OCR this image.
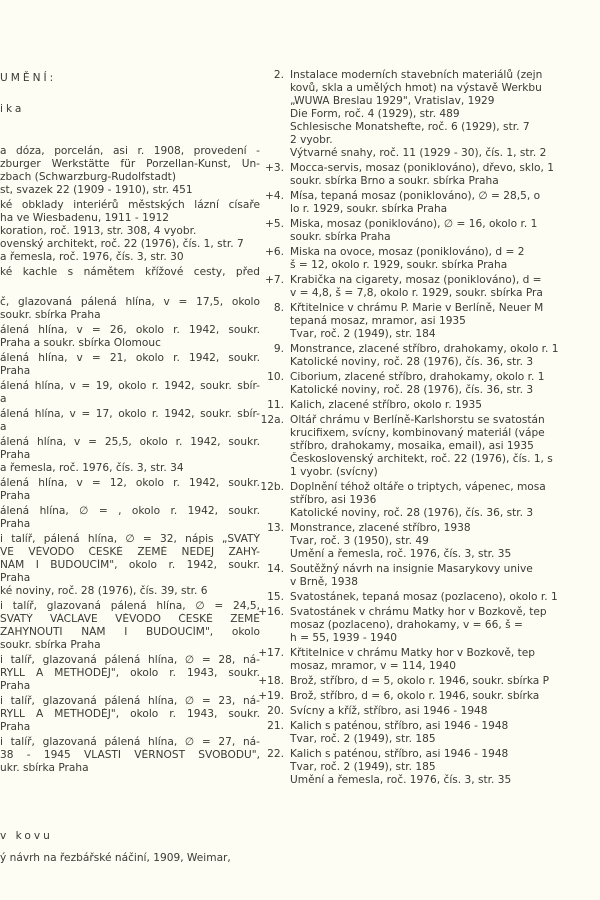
UMĚNÍ:
ika
v kovu
a dóza, porcelán, asi r. 1908, provedení -
zburger Werkstätte für Porzellan-Kunst, Un-
zbach (Schwarzburg-Rudolfstadt)
st, svazek 22 (1909 - 1910), str. 451
ké obklady interiérů městských lázní císaře
ha ve Wiesbadenu, 1911 - 1912
koration, roč. 1913, str. 308, 4 vyobr.
ovenský architekt, roč. 22 (1976), čís. 1, str. 7
a řemesla, roč. 1976, čís. 3, str. 30
ké kachle s námětem křížové cesty, před
č, glazovaná pálená hlína, v = 17,5, okolo
soukr. sbírka Praha
álená hlína, v = 26, okolo r. 1942, soukr.
Praha a soukr. sbírka Olomouc
álená hlína, v = 21, okolo r. 1942, soukr.
Praha
álená hlína, v = 19, okolo r. 1942, soukr. sbír-
a
álená hlína, v = 17, okolo r. 1942, soukr. sbír-
a
álená hlína, v = 25,5, okolo r. 1942, soukr.
Praha
a řemesla, roč. 1976, čís. 3, str. 34
álená hlína, v = 12, okolo r. 1942, soukr.
Praha
álená hlína, ∅ = , okolo r. 1942, soukr.
Praha
i talíř, pálená hlína, ∅ = 32, nápis „SVATÝ
VE VĚVODO ČESKÉ ZEMĚ NEDEJ ZAHY-
NÁM I BUDOUCÍM", okolo r. 1942, soukr.
Praha
ké noviny, roč. 28 (1976), čís. 39, str. 6
i talíř, glazovaná pálená hlína, ∅ = 24,5,
SVATÝ VÁCLAVE VĚVODO ČESKÉ ZEMĚ
ZAHYNOUTI NÁM I BUDOUCÍM", okolo
soukr. sbírka Praha
i talíř, glazovaná pálená hlína, ∅ = 28, ná-
RYLL A METHODĚJ", okolo r. 1943, soukr.
Praha
i talíř, glazovaná pálená hlína, ∅ = 23, ná-
RYLL A METHODĚJ", okolo r. 1943, soukr.
Praha
i talíř, glazovaná pálená hlína, ∅ = 27, ná-
38 - 1945 VLASTI VĚRNOST SVOBODU",
ukr. sbírka Praha
ý návrh na řezbářské náčiní, 1909, Weimar,
2. Instalace moderních stavebních materiálů (zejn
kovů, skla a umělých hmot) na výstavě Werkbu
„WUWA Breslau 1929", Vratislav, 1929
Die Form, roč. 4 (1929), str. 489
Schlesische Monatshefte, roč. 6 (1929), str. 7
2 vyobr.
Výtvarné snahy, roč. 11 (1929 - 30), čís. 1, str. 2
+3. Mocca-servis, mosaz (poniklováno), dřevo, sklo, 1
soukr. sbírka Brno a soukr. sbírka Praha
+4. Mísa, tepaná mosaz (poniklováno), ∅ = 28,5, o
lo r. 1929, soukr. sbírka Praha
+5. Miska, mosaz (poniklováno), ∅ = 16, okolo r. 1
soukr. sbírka Praha
+6. Miska na ovoce, mosaz (poniklováno), d = 2
š = 12, okolo r. 1929, soukr. sbírka Praha
+7. Krabička na cigarety, mosaz (poniklováno), d =
v = 4,8, š = 7,8, okolo r. 1929, soukr. sbírka Pra
8. Křtitelnice v chrámu P. Marie v Berlíně, Neuer M
tepaná mosaz, mramor, asi 1935
Tvar, roč. 2 (1949), str. 184
9. Monstrance, zlacené stříbro, drahokamy, okolo r. 1
Katolické noviny, roč. 28 (1976), čís. 36, str. 3
10. Ciborium, zlacené stříbro, drahokamy, okolo r. 1
Katolické noviny, roč. 28 (1976), čís. 36, str. 3
11. Kalich, zlacené stříbro, okolo r. 1935
12a. Oltář chrámu v Berlíně-Karlshorstu se svatostán
krucifixem, svícny, kombinovaný materiál (vápe
stříbro, drahokamy, mosaika, email), asi 1935
Československý architekt, roč. 22 (1976), čís. 1, s
1 vyobr. (svícny)
12b. Doplnění téhož oltáře o triptych, vápenec, mosa
stříbro, asi 1936
Katolické noviny, roč. 28 (1976), čís. 36, str. 3
13. Monstrance, zlacené stříbro, 1938
Tvar, roč. 3 (1950), str. 49
Umění a řemesla, roč. 1976, čís. 3, str. 35
14. Soutěžný návrh na insignie Masarykovy unive
v Brně, 1938
15. Svatostánek, tepaná mosaz (pozlaceno), okolo r. 1
+16. Svatostánek v chrámu Matky hor v Bozkově, tep
mosaz (pozlaceno), drahokamy, v = 66, š =
h = 55, 1939 - 1940
+17. Křtitelnice v chrámu Matky hor v Bozkově, tep
mosaz, mramor, v = 114, 1940
+18. Brož, stříbro, d = 5, okolo r. 1946, soukr. sbírka P
+19. Brož, stříbro, d = 6, okolo r. 1946, soukr. sbírka
20. Svícny a kříž, stříbro, asi 1946 - 1948
21. Kalich s paténou, stříbro, asi 1946 - 1948
Tvar, roč. 2 (1949), str. 185
22. Kalich s paténou, stříbro, asi 1946 - 1948
Tvar, roč. 2 (1949), str. 185
Umění a řemesla, roč. 1976, čís. 3, str. 35
